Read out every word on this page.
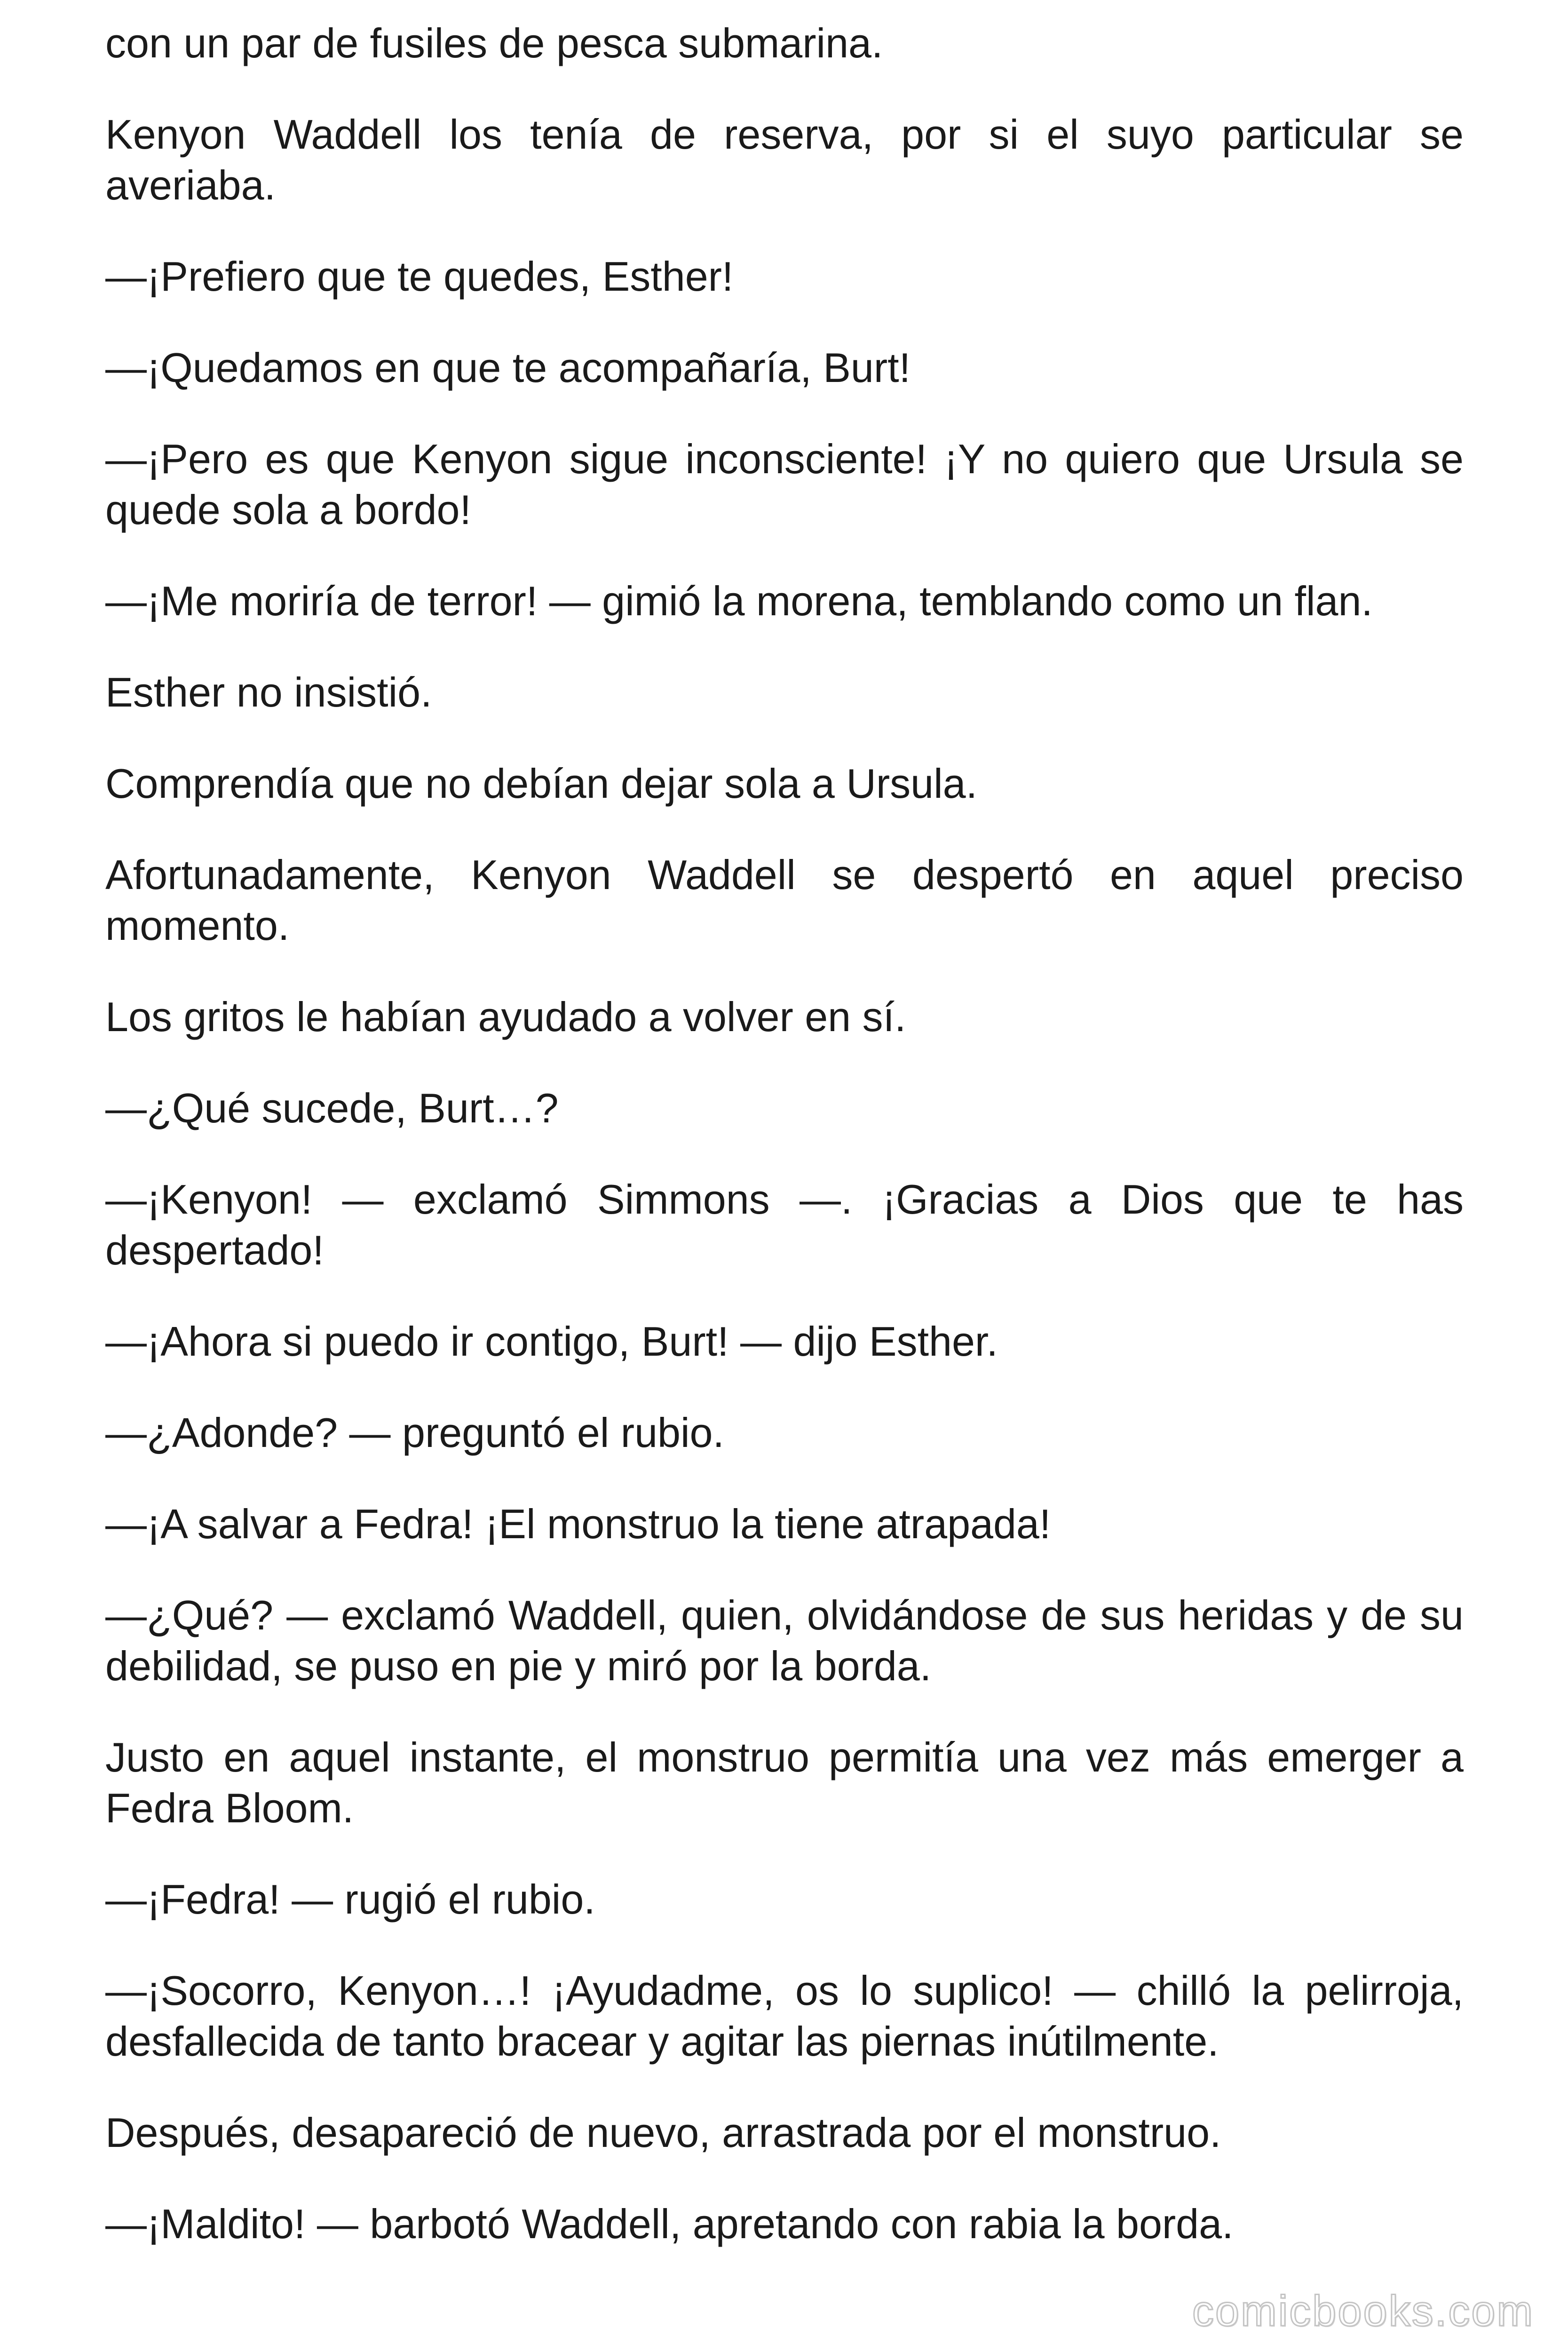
con un par de fusiles de pesca submarina.

Kenyon Waddell los tenía de reserva, por si el suyo particular se averiaba.

—¡Prefiero que te quedes, Esther!

—¡Quedamos en que te acompañaría, Burt!

—¡Pero es que Kenyon sigue inconsciente! ¡Y no quiero que Ursula se quede sola a bordo!

—¡Me moriría de terror! — gimió la morena, temblando como un flan.

Esther no insistió.

Comprendía que no debían dejar sola a Ursula.

Afortunadamente, Kenyon Waddell se despertó en aquel preciso momento.

Los gritos le habían ayudado a volver en sí.

—¿Qué sucede, Burt…?

—¡Kenyon! — exclamó Simmons —. ¡Gracias a Dios que te has despertado!

—¡Ahora si puedo ir contigo, Burt! — dijo Esther.

—¿Adonde? — preguntó el rubio.

—¡A salvar a Fedra! ¡El monstruo la tiene atrapada!

—¿Qué? — exclamó Waddell, quien, olvidándose de sus heridas y de su debilidad, se puso en pie y miró por la borda.

Justo en aquel instante, el monstruo permitía una vez más emerger a Fedra Bloom.

—¡Fedra! — rugió el rubio.

—¡Socorro, Kenyon…! ¡Ayudadme, os lo suplico! — chilló la pelirroja, desfallecida de tanto bracear y agitar las piernas inútilmente.

Después, desapareció de nuevo, arrastrada por el monstruo.

—¡Maldito! — barbotó Waddell, apretando con rabia la borda.

comicbooks.com
